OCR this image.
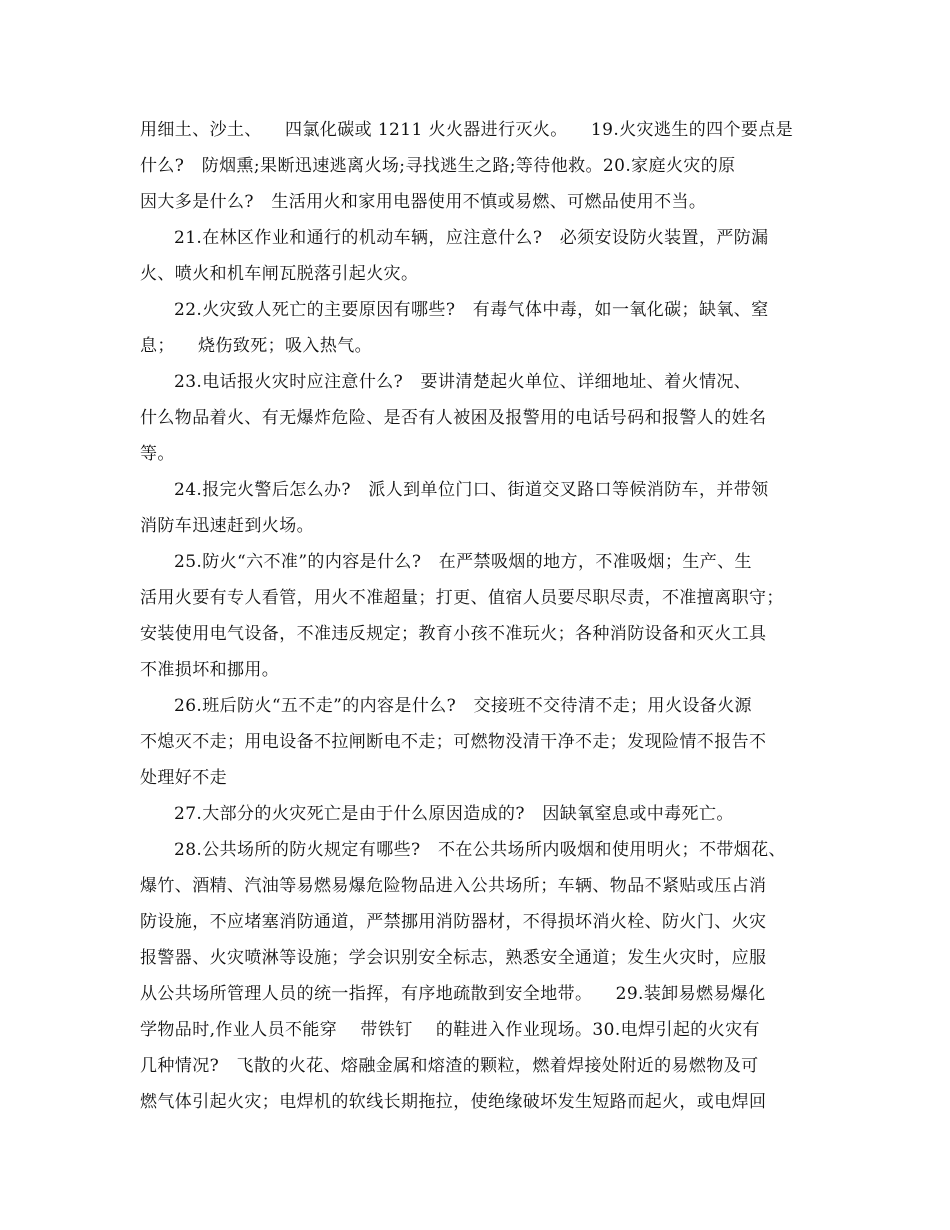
用细土、沙土、    四氯化碳或 1211 火火器进行灭火。    19.火灾逃生的四个要点是
什么?   防烟熏;果断迅速逃离火场;寻找逃生之路;等待他救。20.家庭火灾的原
因大多是什么?   生活用火和家用电器使用不慎或易燃、可燃品使用不当。
21.在林区作业和通行的机动车辆，应注意什么?   必须安设防火装置，严防漏
火、喷火和机车闸瓦脱落引起火灾。
22.火灾致人死亡的主要原因有哪些?   有毒气体中毒，如一氧化碳；缺氧、窒
息；    烧伤致死；吸入热气。
23.电话报火灾时应注意什么?   要讲清楚起火单位、详细地址、着火情况、
什么物品着火、有无爆炸危险、是否有人被困及报警用的电话号码和报警人的姓名
等。
24.报完火警后怎么办?   派人到单位门口、街道交叉路口等候消防车，并带领
消防车迅速赶到火场。
25.防火“六不准”的内容是什么?   在严禁吸烟的地方，不准吸烟；生产、生
活用火要有专人看管，用火不准超量；打更、值宿人员要尽职尽责，不准擅离职守；
安装使用电气设备，不准违反规定；教育小孩不准玩火；各种消防设备和灭火工具
不准损坏和挪用。
26.班后防火“五不走”的内容是什么?   交接班不交待清不走；用火设备火源
不熄灭不走；用电设备不拉闸断电不走；可燃物没清干净不走；发现险情不报告不
处理好不走
27.大部分的火灾死亡是由于什么原因造成的?   因缺氧窒息或中毒死亡。
28.公共场所的防火规定有哪些?   不在公共场所内吸烟和使用明火；不带烟花、
爆竹、酒精、汽油等易燃易爆危险物品进入公共场所；车辆、物品不紧贴或压占消
防设施，不应堵塞消防通道，严禁挪用消防器材，不得损坏消火栓、防火门、火灾
报警器、火灾喷淋等设施；学会识别安全标志，熟悉安全通道；发生火灾时，应服
从公共场所管理人员的统一指挥，有序地疏散到安全地带。    29.装卸易燃易爆化
学物品时,作业人员不能穿    带铁钉    的鞋进入作业现场。30.电焊引起的火灾有
几种情况?   飞散的火花、熔融金属和熔渣的颗粒，燃着焊接处附近的易燃物及可
燃气体引起火灾；电焊机的软线长期拖拉，使绝缘破坏发生短路而起火，或电焊回
